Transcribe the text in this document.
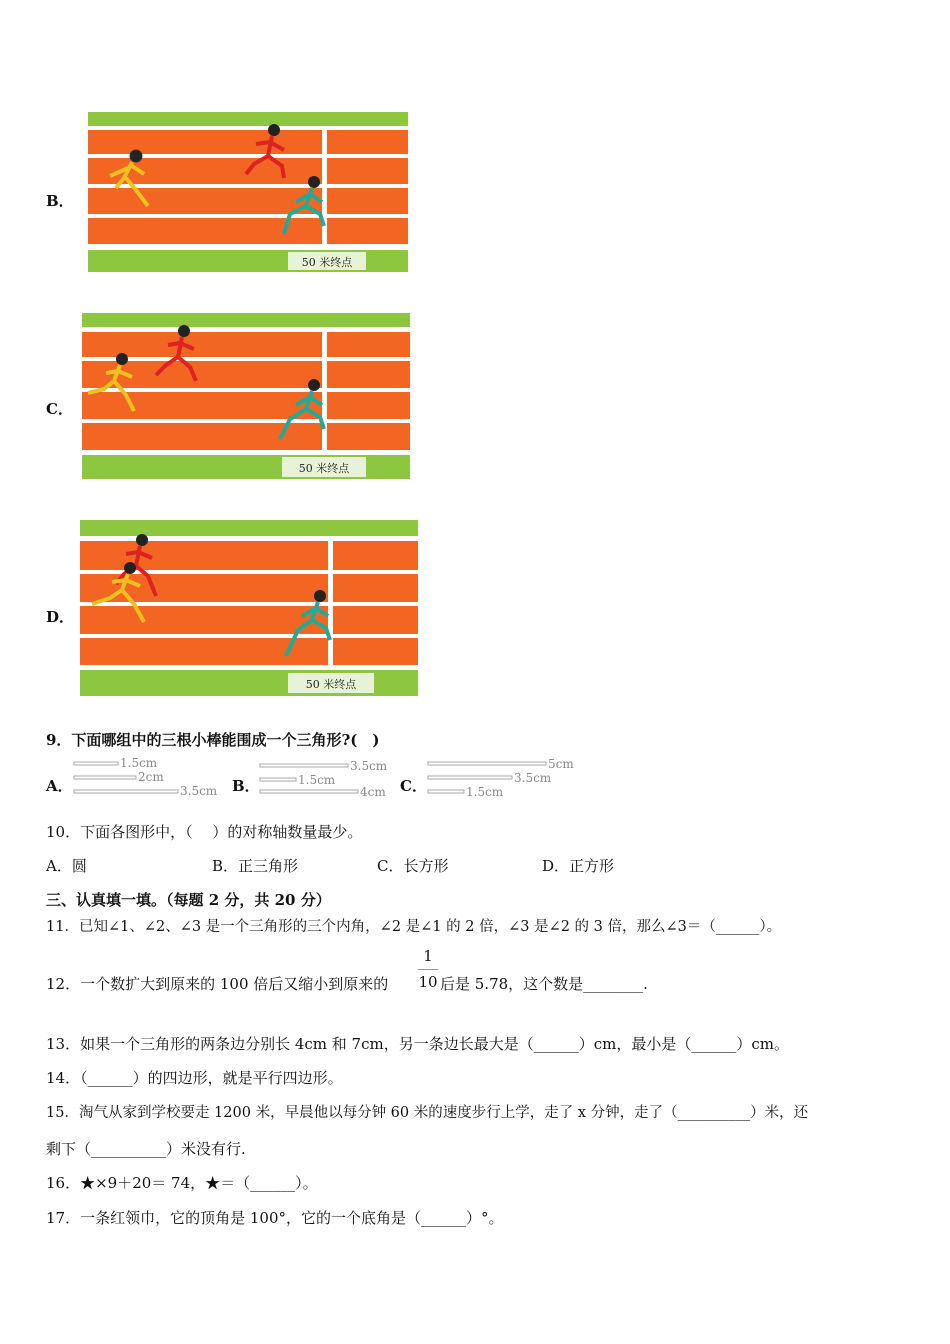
B．
50 米终点
C．
50 米终点
D．
50 米终点
9．下面哪组中的三根小棒能围成一个三角形?(　)
A．
1.5cm
2cm
3.5cm B．
3.5cm
1.5cm
4cm C．
5cm
3.5cm
1.5cm
10．下面各图形中，（　 ）的对称轴数量最少。
A．圆	B．正三角形	C．长方形	D．正方形
三、认真填一填。（每题 2 分，共 20 分）
11．已知∠1、∠2、∠3 是一个三角形的三个内角，∠2 是∠1 的 2 倍，∠3 是∠2 的 3 倍，那么∠3＝（______）。
12．一个数扩大到原来的 100 倍后又缩小到原来的
1
10 后是 5.78，这个数是________.
13．如果一个三角形的两条边分别长 4cm 和 7cm，另一条边长最大是（______）cm，最小是（______）cm。
14．（______）的四边形，就是平行四边形。
15．淘气从家到学校要走 1200 米，早晨他以每分钟 60 米的速度步行上学，走了 x 分钟，走了（__________）米，还
剩下（__________）米没有行.
16．★×9＋20＝ 74，★＝（______）。
17．一条红领巾，它的顶角是 100°，它的一个底角是（______）°。
